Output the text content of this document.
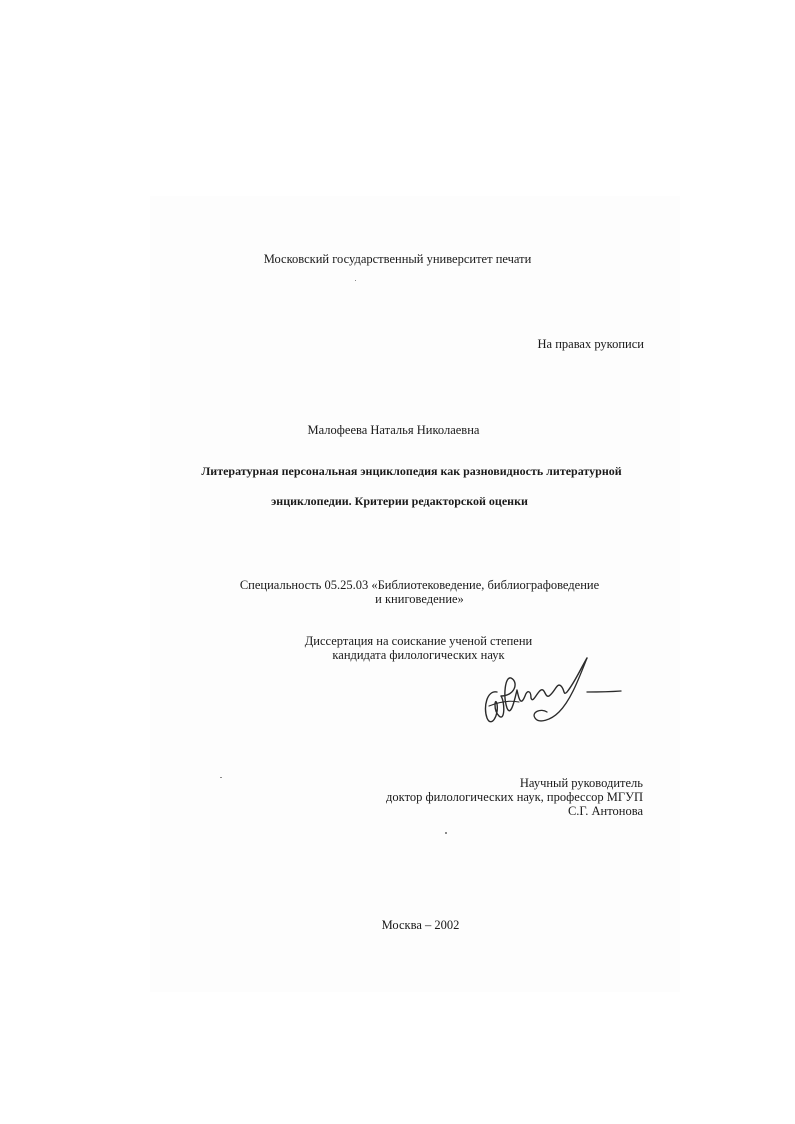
Московский государственный университет печати
На правах рукописи
Малофеева Наталья Николаевна
Литературная персональная энциклопедия как разновидность литературной
энциклопедии. Критерии редакторской оценки
Специальность 05.25.03 «Библиотековедение, библиографоведение
и книговедение»
Диссертация на соискание ученой степени
кандидата филологических наук
Научный руководитель
доктор филологических наук, профессор МГУП
С.Г. Антонова
Москва – 2002
